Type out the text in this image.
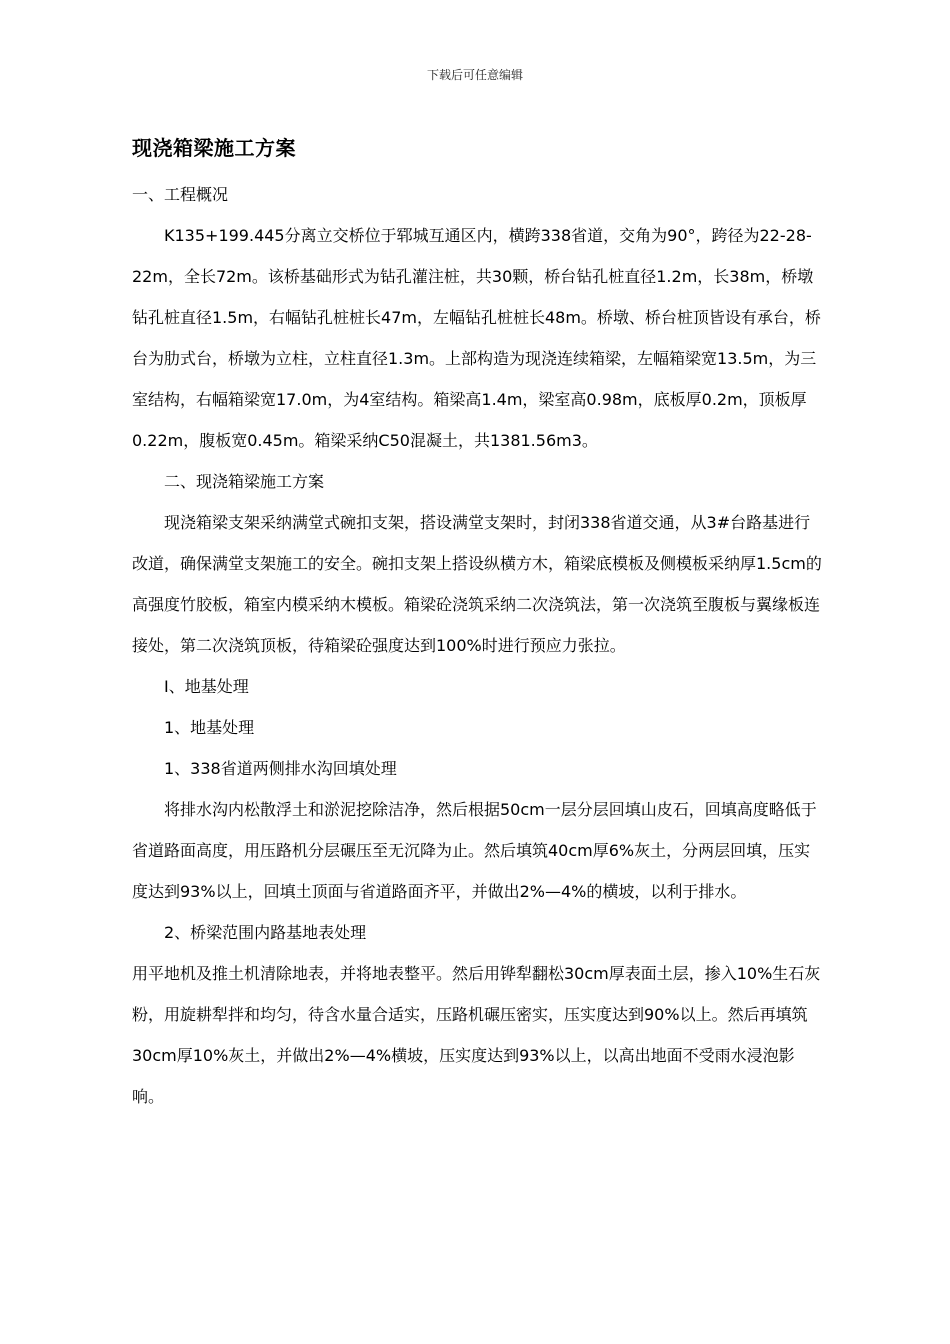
下载后可任意编辑
现浇箱梁施工方案

一、工程概况

K135+199.445分离立交桥位于郓城互通区内，横跨338省道，交角为90°，跨径为22-28-22m，全长72m。该桥基础形式为钻孔灌注桩，共30颗，桥台钻孔桩直径1.2m，长38m，桥墩钻孔桩直径1.5m，右幅钻孔桩桩长47m，左幅钻孔桩桩长48m。桥墩、桥台桩顶皆设有承台，桥台为肋式台，桥墩为立柱，立柱直径1.3m。上部构造为现浇连续箱梁，左幅箱梁宽13.5m，为三室结构，右幅箱梁宽17.0m，为4室结构。箱梁高1.4m，梁室高0.98m，底板厚0.2m，顶板厚0.22m，腹板宽0.45m。箱梁采纳C50混凝土，共1381.56m3。

二、现浇箱梁施工方案

现浇箱梁支架采纳满堂式碗扣支架，搭设满堂支架时，封闭338省道交通，从3#台路基进行改道，确保满堂支架施工的安全。碗扣支架上搭设纵横方木，箱梁底模板及侧模板采纳厚1.5cm的高强度竹胶板，箱室内模采纳木模板。箱梁砼浇筑采纳二次浇筑法，第一次浇筑至腹板与翼缘板连接处，第二次浇筑顶板，待箱梁砼强度达到100%时进行预应力张拉。

Ⅰ、地基处理

1、地基处理

1、338省道两侧排水沟回填处理

将排水沟内松散浮土和淤泥挖除洁净，然后根据50cm一层分层回填山皮石，回填高度略低于省道路面高度，用压路机分层碾压至无沉降为止。然后填筑40cm厚6%灰土，分两层回填，压实度达到93%以上，回填土顶面与省道路面齐平，并做出2%—4%的横坡，以利于排水。

2、桥梁范围内路基地表处理

用平地机及推土机清除地表，并将地表整平。然后用铧犁翻松30cm厚表面土层，掺入10%生石灰粉，用旋耕犁拌和均匀，待含水量合适实，压路机碾压密实，压实度达到90%以上。然后再填筑30cm厚10%灰土，并做出2%—4%横坡，压实度达到93%以上，以高出地面不受雨水浸泡影响。
